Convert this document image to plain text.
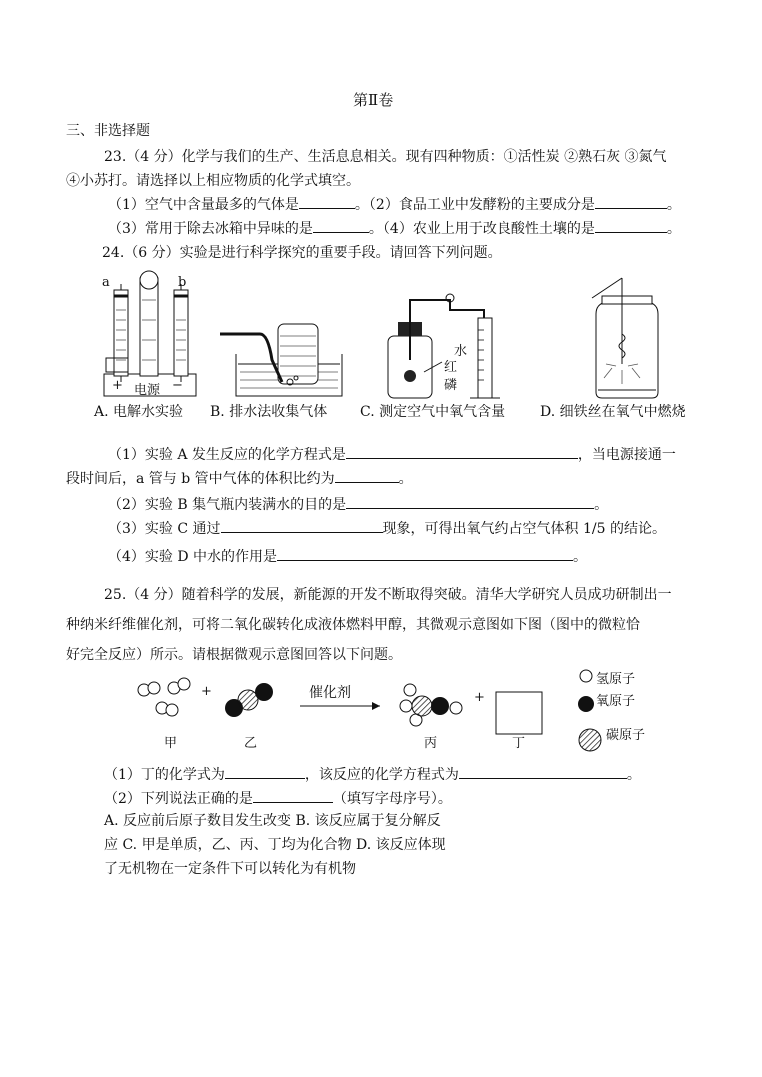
第Ⅱ卷
三、非选择题
23.（4 分）化学与我们的生产、生活息息相关。现有四种物质：①活性炭 ②熟石灰 ③氮气
④小苏打。请选择以上相应物质的化学式填空。
（1）空气中含量最多的气体是	。（2）食品工业中发酵粉的主要成分是	。
（3）常用于除去冰箱中异味的是	。（4）农业上用于改良酸性土壤的是	。
24.（6 分）实验是进行科学探究的重要手段。请回答下列问题。
a	b
+ 电源 −
水
红
磷
A. 电解水实验 B. 排水法收集气体 C. 测定空气中氧气含量 D. 细铁丝在氧气中燃烧
（1）实验 A 发生反应的化学方程式是	，当电源接通一
段时间后，a 管与 b 管中气体的体积比约为	。
（2）实验 B 集气瓶内装满水的目的是	。
（3）实验 C 通过	现象，可得出氧气约占空气体积 1/5 的结论。
（4）实验 D 中水的作用是	。
25.（4 分）随着科学的发展，新能源的开发不断取得突破。清华大学研究人员成功研制出一
种纳米纤维催化剂，可将二氧化碳转化成液体燃料甲醇，其微观示意图如下图（图中的微粒恰
好完全反应）所示。请根据微观示意图回答以下问题。
+	+
催化剂
甲	乙	丙	丁
氢原子
氧原子
碳原子
（1）丁的化学式为	，该反应的化学方程式为	。
（2）下列说法正确的是	（填写字母序号）。
A. 反应前后原子数目发生改变 B. 该反应属于复分解反
应 C. 甲是单质，乙、丙、丁均为化合物 D. 该反应体现
了无机物在一定条件下可以转化为有机物
